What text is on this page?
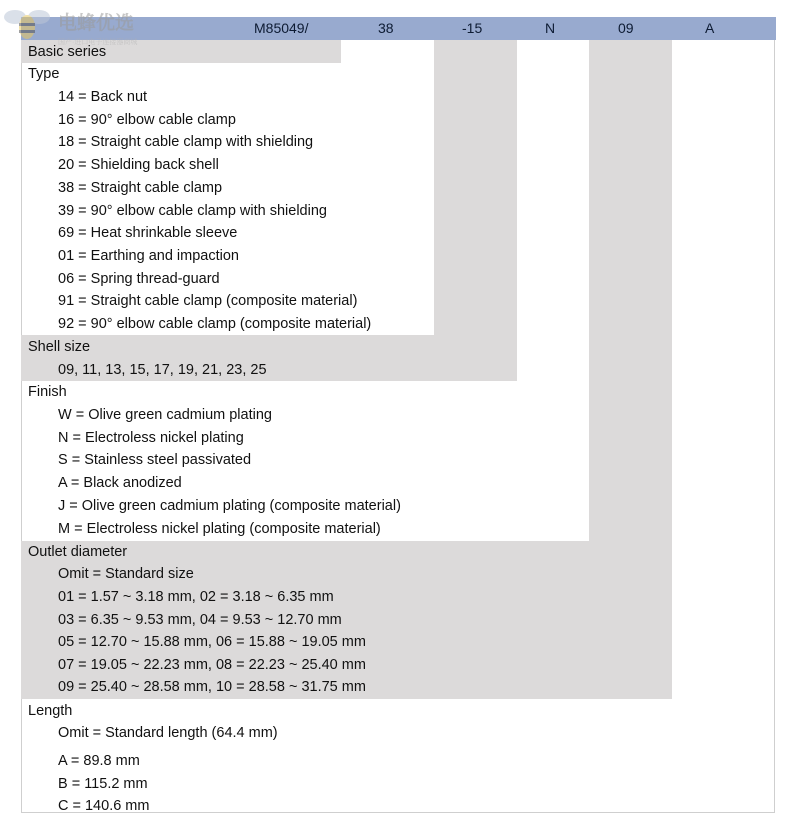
M85049/	38	-15	N	09	A
电蜂优选
国产·进口电子连接器商城
Basic series
Type
14 = Back nut
16 = 90° elbow cable clamp
18 = Straight cable clamp with shielding
20 = Shielding back shell
38 = Straight cable clamp
39 = 90° elbow cable clamp with shielding
69 = Heat shrinkable sleeve
01 = Earthing and impaction
06 = Spring thread-guard
91 = Straight cable clamp (composite material)
92 = 90° elbow cable clamp (composite material)
Shell size
09, 11, 13, 15, 17, 19, 21, 23, 25
Finish
W = Olive green cadmium plating
N = Electroless nickel plating
S = Stainless steel passivated
A = Black anodized
J = Olive green cadmium plating (composite material)
M = Electroless nickel plating (composite material)
Outlet diameter
Omit = Standard size
01 = 1.57 ~ 3.18 mm, 02 = 3.18 ~ 6.35 mm
03 = 6.35 ~ 9.53 mm, 04 = 9.53 ~ 12.70 mm
05 = 12.70 ~ 15.88 mm, 06 = 15.88 ~ 19.05 mm
07 = 19.05 ~ 22.23 mm, 08 = 22.23 ~ 25.40 mm
09 = 25.40 ~ 28.58 mm, 10 = 28.58 ~ 31.75 mm
Length
Omit = Standard length (64.4 mm)
A = 89.8 mm
B = 115.2 mm
C = 140.6 mm
